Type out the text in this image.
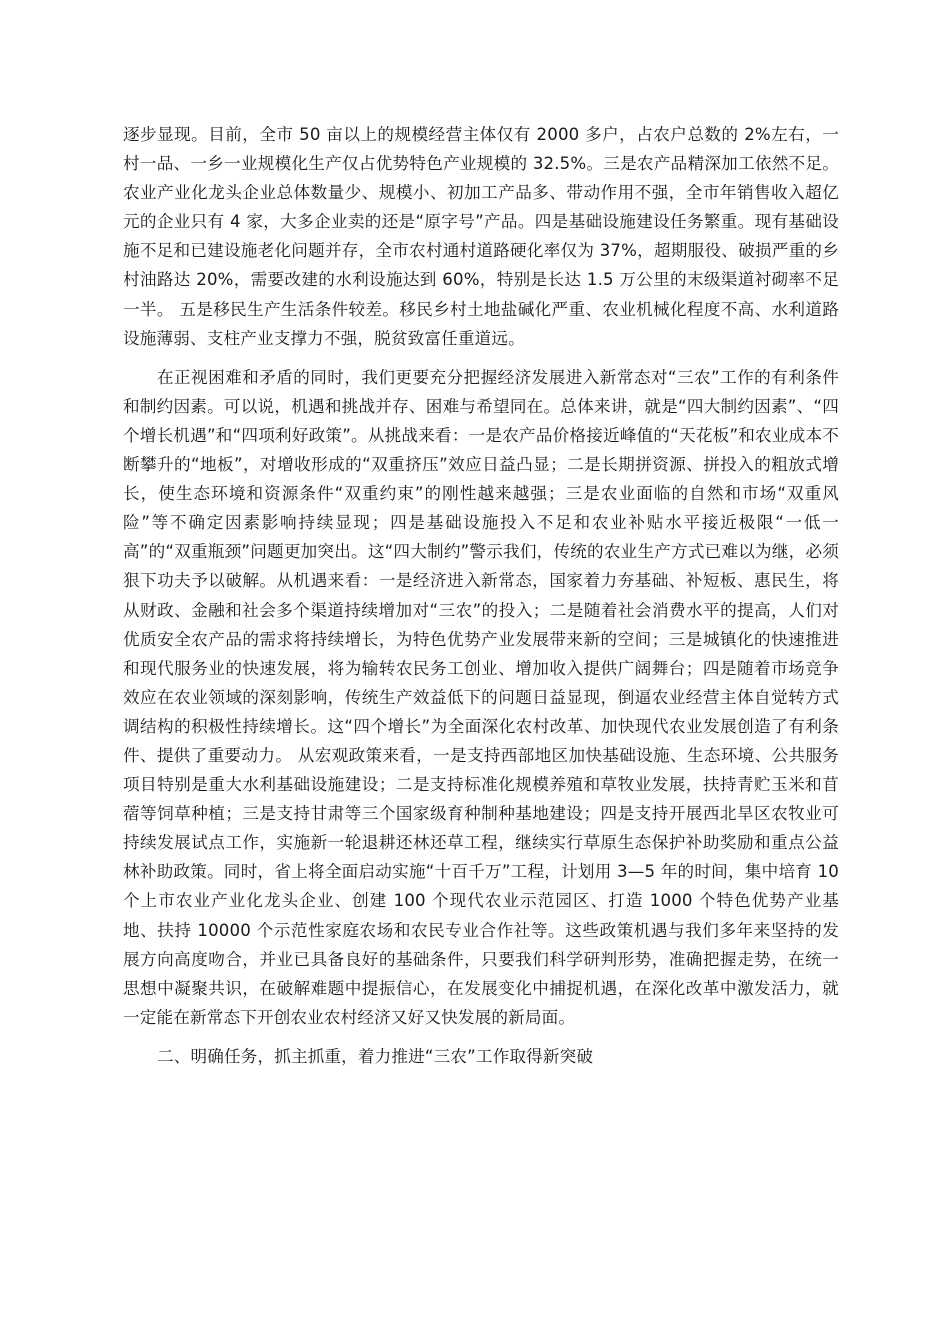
逐步显现。目前，全市 50 亩以上的规模经营主体仅有 2000 多户，占农户总数的 2%左右，一村一品、一乡一业规模化生产仅占优势特色产业规模的 32.5%。三是农产品精深加工依然不足。农业产业化龙头企业总体数量少、规模小、初加工产品多、带动作用不强，全市年销售收入超亿元的企业只有 4 家，大多企业卖的还是“原字号”产品。四是基础设施建设任务繁重。现有基础设施不足和已建设施老化问题并存，全市农村通村道路硬化率仅为 37%，超期服役、破损严重的乡村油路达 20%，需要改建的水利设施达到 60%，特别是长达 1.5 万公里的末级渠道衬砌率不足一半。 五是移民生产生活条件较差。移民乡村土地盐碱化严重、农业机械化程度不高、水利道路设施薄弱、支柱产业支撑力不强，脱贫致富任重道远。

在正视困难和矛盾的同时，我们更要充分把握经济发展进入新常态对“三农”工作的有利条件和制约因素。可以说，机遇和挑战并存、困难与希望同在。总体来讲，就是“四大制约因素”、“四个增长机遇”和“四项利好政策”。从挑战来看：一是农产品价格接近峰值的“天花板”和农业成本不断攀升的“地板”，对增收形成的“双重挤压”效应日益凸显；二是长期拼资源、拼投入的粗放式增长，使生态环境和资源条件“双重约束”的刚性越来越强；三是农业面临的自然和市场“双重风险”等不确定因素影响持续显现；四是基础设施投入不足和农业补贴水平接近极限“一低一高”的“双重瓶颈”问题更加突出。这“四大制约”警示我们，传统的农业生产方式已难以为继，必须狠下功夫予以破解。从机遇来看：一是经济进入新常态，国家着力夯基础、补短板、惠民生，将从财政、金融和社会多个渠道持续增加对“三农”的投入；二是随着社会消费水平的提高，人们对优质安全农产品的需求将持续增长，为特色优势产业发展带来新的空间；三是城镇化的快速推进和现代服务业的快速发展，将为输转农民务工创业、增加收入提供广阔舞台；四是随着市场竞争效应在农业领域的深刻影响，传统生产效益低下的问题日益显现，倒逼农业经营主体自觉转方式调结构的积极性持续增长。这“四个增长”为全面深化农村改革、加快现代农业发展创造了有利条件、提供了重要动力。 从宏观政策来看，一是支持西部地区加快基础设施、生态环境、公共服务项目特别是重大水利基础设施建设；二是支持标准化规模养殖和草牧业发展，扶持青贮玉米和苜蓿等饲草种植；三是支持甘肃等三个国家级育种制种基地建设；四是支持开展西北旱区农牧业可持续发展试点工作，实施新一轮退耕还林还草工程，继续实行草原生态保护补助奖励和重点公益林补助政策。同时，省上将全面启动实施“十百千万”工程，计划用 3—5 年的时间，集中培育 10 个上市农业产业化龙头企业、创建 100 个现代农业示范园区、打造 1000 个特色优势产业基地、扶持 10000 个示范性家庭农场和农民专业合作社等。这些政策机遇与我们多年来坚持的发展方向高度吻合，并业已具备良好的基础条件，只要我们科学研判形势，准确把握走势，在统一思想中凝聚共识，在破解难题中提振信心，在发展变化中捕捉机遇，在深化改革中激发活力，就一定能在新常态下开创农业农村经济又好又快发展的新局面。

二、明确任务，抓主抓重，着力推进“三农”工作取得新突破
